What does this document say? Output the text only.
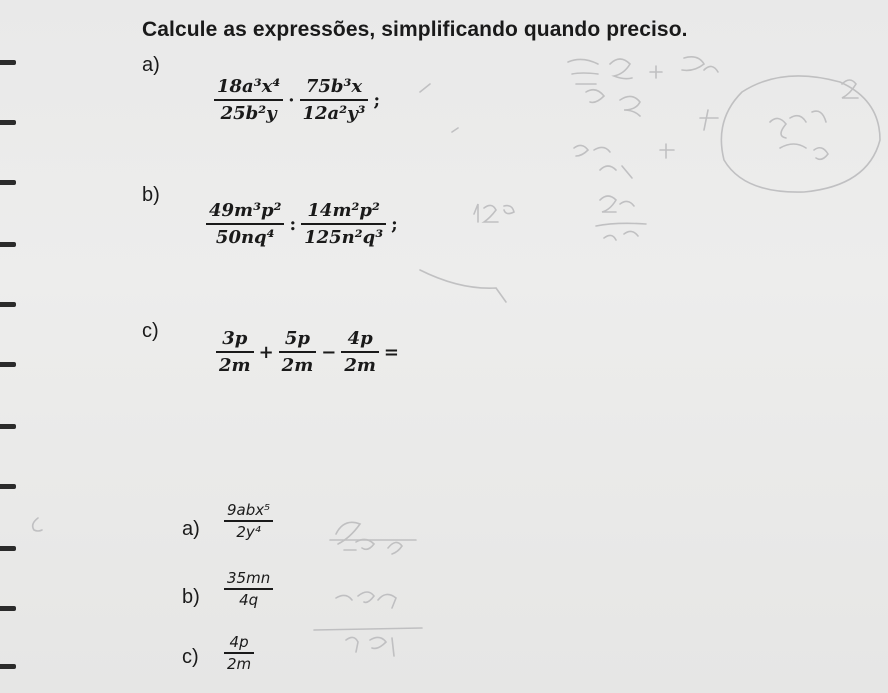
Calcule as expressões, simplificando quando preciso.
a)
$\frac{\text{18a³x⁴}}{\text{25b²y}} \cdot \frac{\text{75b³x}}{\text{12a²y³}}$ ;
b)
$\frac{\text{49m³p²}}{\text{50nq⁴}}$ : $\frac{\text{14m²p²}}{\text{125n²q³}}$ ;
c)	$\frac{3p}{2m} + \frac{5p}{2m} - \frac{4p}{2m}$ =
$a) \frac{\text{9abx⁵}}{\text{2y⁴}}$
$b) \frac{35mn}{4q}$
$c) \frac{4p}{2m}$
